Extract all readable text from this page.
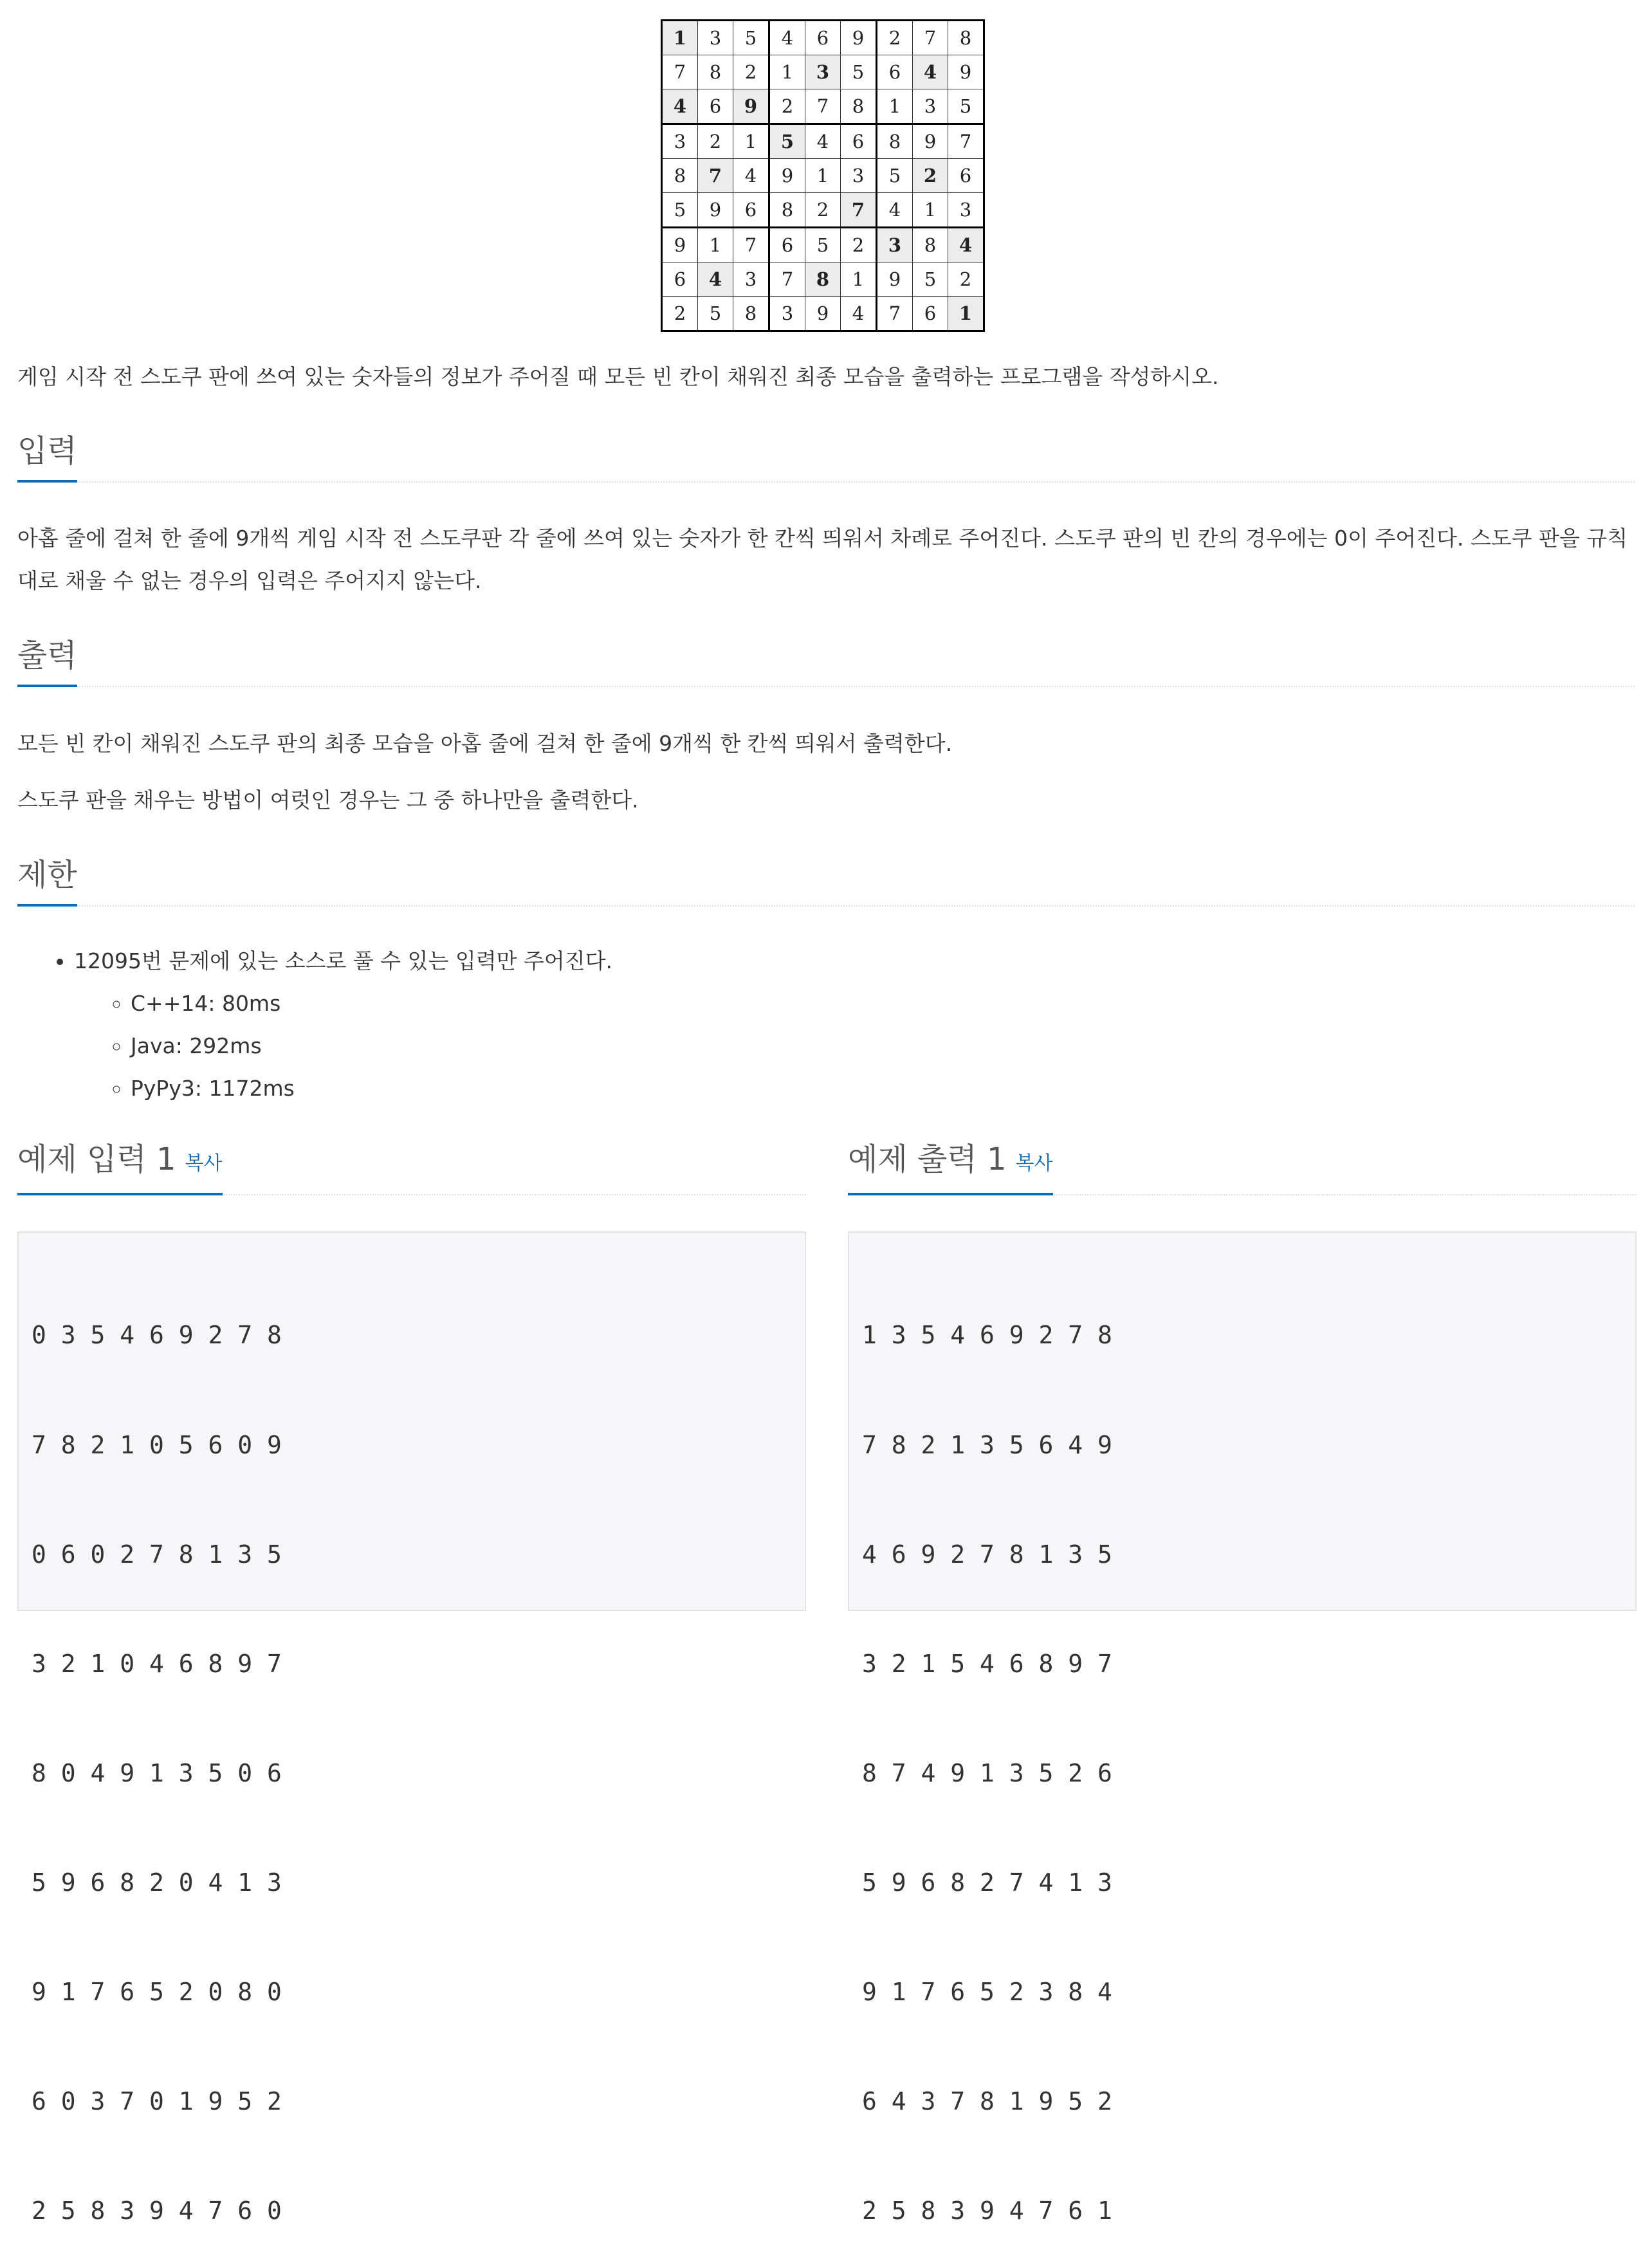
1	3	5	4	6	9	2	7	8
7	8	2	1	3	5	6	4	9
4	6	9	2	7	8	1	3	5
3	2	1	5	4	6	8	9	7
8	7	4	9	1	3	5	2	6
5	9	6	8	2	7	4	1	3
9	1	7	6	5	2	3	8	4
6	4	3	7	8	1	9	5	2
2	5	8	3	9	4	7	6	1

게임 시작 전 스도쿠 판에 쓰여 있는 숫자들의 정보가 주어질 때 모든 빈 칸이 채워진 최종 모습을 출력하는 프로그램을 작성하시오.

입력

아홉 줄에 걸쳐 한 줄에 9개씩 게임 시작 전 스도쿠판 각 줄에 쓰여 있는 숫자가 한 칸씩 띄워서 차례로 주어진다. 스도쿠 판의 빈 칸의 경우에는 0이 주어진다. 스도쿠 판을 규칙대로 채울 수 없는 경우의 입력은 주어지지 않는다.

출력

모든 빈 칸이 채워진 스도쿠 판의 최종 모습을 아홉 줄에 걸쳐 한 줄에 9개씩 한 칸씩 띄워서 출력한다.

스도쿠 판을 채우는 방법이 여럿인 경우는 그 중 하나만을 출력한다.

제한
• 12095번 문제에 있는 소스로 풀 수 있는 입력만 주어진다.
◦ C++14: 80ms
◦ Java: 292ms
◦ PyPy3: 1172ms
예제 입력 1 복사

0 3 5 4 6 9 2 7 8

7 8 2 1 0 5 6 0 9

0 6 0 2 7 8 1 3 5

3 2 1 0 4 6 8 9 7

8 0 4 9 1 3 5 0 6

5 9 6 8 2 0 4 1 3

9 1 7 6 5 2 0 8 0

6 0 3 7 0 1 9 5 2

2 5 8 3 9 4 7 6 0

예제 출력 1 복사

1 3 5 4 6 9 2 7 8

7 8 2 1 3 5 6 4 9

4 6 9 2 7 8 1 3 5

3 2 1 5 4 6 8 9 7

8 7 4 9 1 3 5 2 6

5 9 6 8 2 7 4 1 3

9 1 7 6 5 2 3 8 4

6 4 3 7 8 1 9 5 2

2 5 8 3 9 4 7 6 1
